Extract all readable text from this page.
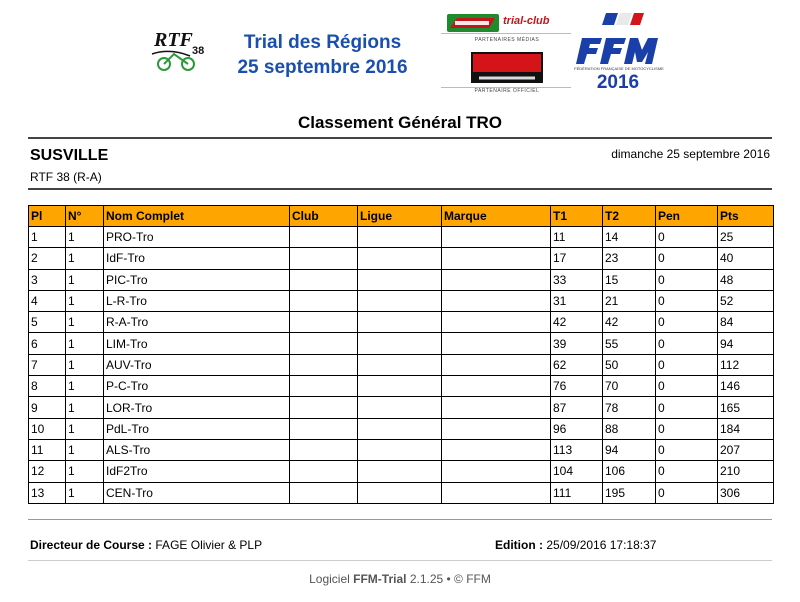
RTF 38	Trial des Régions
25 septembre 2016
trial-club
PARTENAIRES MÉDIAS
PARTENAIRE OFFICIEL
FÉDÉRATION FRANÇAISE DE MOTOCYCLISME
2016
Classement Général TRO
SUSVILLE	dimanche 25 septembre 2016
RTF 38 (R-A)
Pl	N°	Nom Complet	Club	Ligue	Marque	T1	T2	Pen	Pts
1	1	PRO-Tro				11	14	0	25
2	1	IdF-Tro				17	23	0	40
3	1	PIC-Tro				33	15	0	48
4	1	L-R-Tro				31	21	0	52
5	1	R-A-Tro				42	42	0	84
6	1	LIM-Tro				39	55	0	94
7	1	AUV-Tro				62	50	0	112
8	1	P-C-Tro				76	70	0	146
9	1	LOR-Tro				87	78	0	165
10	1	PdL-Tro				96	88	0	184
11	1	ALS-Tro				113	94	0	207
12	1	IdF2Tro				104	106	0	210
13	1	CEN-Tro				111	195	0	306
Directeur de Course : FAGE Olivier & PLP	Edition : 25/09/2016 17:18:37
Logiciel FFM-Trial 2.1.25 • © FFM
